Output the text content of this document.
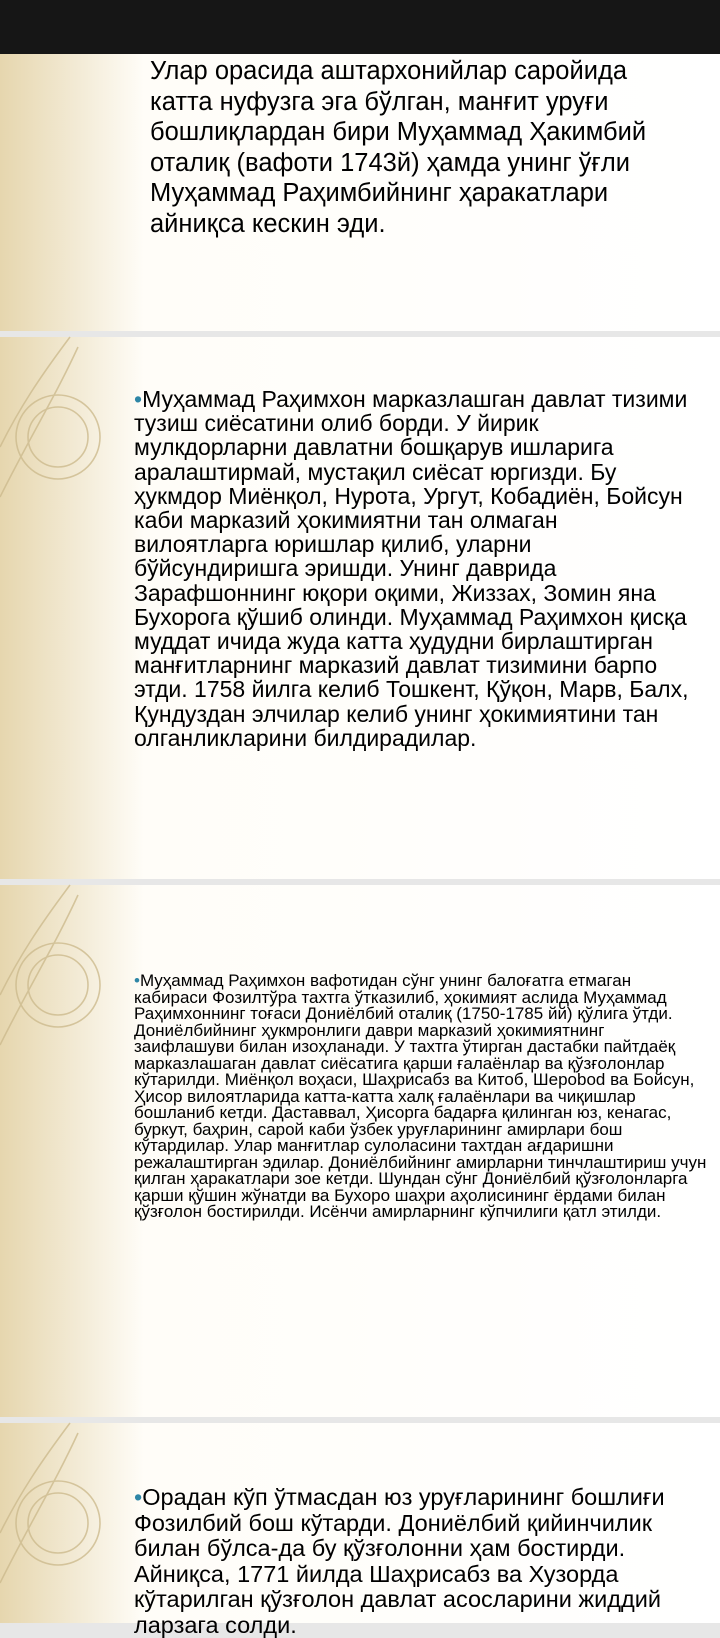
Улар орасида аштархонийлар саройида катта нуфузга эга бўлган, манғит уруғи бошлиқлардан бири Муҳаммад Ҳакимбий оталиқ (вафоти 1743й) ҳамда унинг ўғли Муҳаммад Раҳимбийнинг ҳаракатлари айниқса кескин эди.
•Муҳаммад Раҳимхон марказлашган давлат тизими тузиш сиёсатини олиб борди. У йирик мулкдорларни давлатни бошқарув ишларига аралаштирмай, мустақил сиёсат юргизди. Бу ҳукмдор Миёнқол, Нурота, Ургут, Кобадиён, Бойсун каби марказий ҳокимиятни тан олмаган вилоятларга юришлар қилиб, уларни бўйсундиришга эришди. Унинг даврида Зарафшоннинг юқори оқими, Жиззах, Зомин яна Бухорога қўшиб олинди. Муҳаммад Раҳимхон қисқа муддат ичида жуда катта ҳудудни бирлаштирган манғитларнинг марказий давлат тизимини барпо этди. 1758 йилга келиб Тошкент, Қўқон, Марв, Балх, Қундуздан элчилар келиб унинг ҳокимиятини тан олганликларини билдирадилар.
•Муҳаммад Раҳимхон вафотидан сўнг унинг балоғатга етмаган кабираси Фозилтўра тахтга ўтказилиб, ҳокимият аслида Муҳаммад Раҳимхоннинг тоғаси Дониёлбий оталиқ (1750-1785 йй) қўлига ўтди. Дониёлбийнинг ҳукмронлиги даври марказий ҳокимиятнинг заифлашуви билан изоҳланади. У тахтга ўтирган дастабки пайтдаёқ марказлашаган давлат сиёсатига қарши ғалаёнлар ва қўзғолонлар кўтарилди. Миёнқол воҳаси, Шаҳрисабз ва Китоб, Шерobod ва Бойсун, Ҳисор вилоятларида катта-катта халқ ғалаёнлари ва чиқишлар бошланиб кетди. Даставвал, Ҳисорга бадарға қилинган юз, кенагас, буркут, баҳрин, сарой каби ўзбек уруғларининг амирлари бош кўтардилар. Улар манғитлар сулоласини тахтдан ағдаришни режалаштирган эдилар. Дониёлбийнинг амирларни тинчлаштириш учун қилган ҳаракатлари зое кетди. Шундан сўнг Дониёлбий қўзғолонларга қарши қўшин жўнатди ва Бухоро шаҳри аҳолисининг ёрдами билан қўзғолон бостирилди. Исёнчи амирларнинг кўпчилиги қатл этилди.
•Орадан кўп ўтмасдан юз уруғларининг бошлиғи Фозилбий бош кўтарди. Дониёлбий қийинчилик билан бўлса-да бу қўзғолонни ҳам бостирди. Айниқса, 1771 йилда Шаҳрисабз ва Хузорда кўтарилган қўзғолон давлат асосларини жиддий ларзага солди.
